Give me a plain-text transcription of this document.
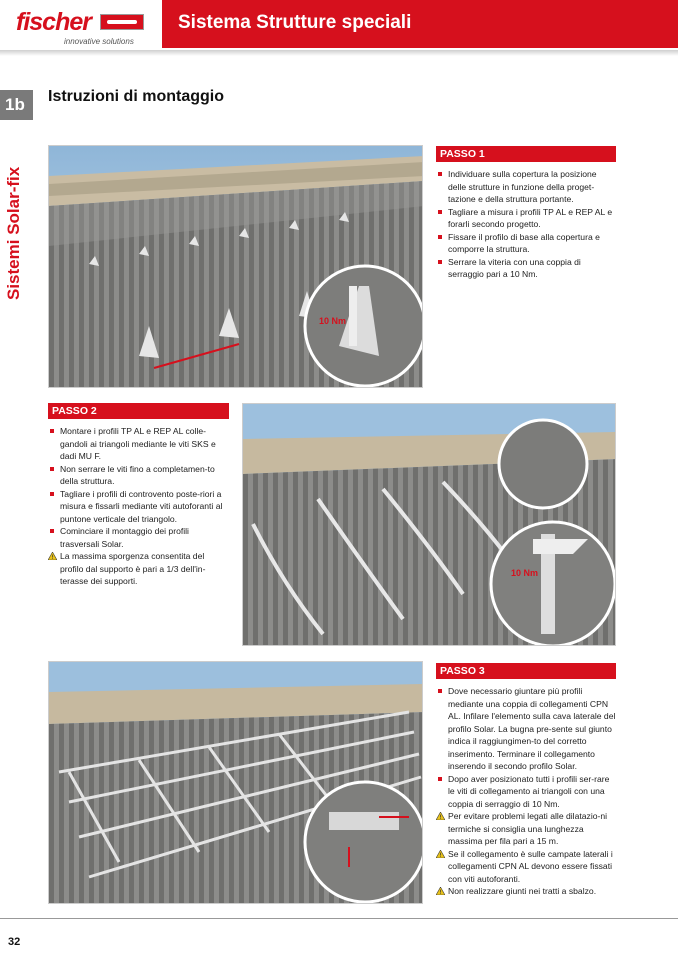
fischer
innovative solutions
Sistema Strutture speciali
1b
Sistemi Solar-fix
Istruzioni di montaggio
10 Nm
PASSO 1
Individuare sulla copertura la posizione delle strutture in funzione della proget-tazione e della struttura portante.
Tagliare a misura i profili TP AL e REP AL e forarli secondo progetto.
Fissare il profilo di base alla copertura e comporre la struttura.
Serrare la viteria con una coppia di serraggio pari a 10 Nm.
PASSO 2
Montare i profili TP AL e REP AL colle-gandoli ai triangoli mediante le viti SKS e dadi MU F.
Non serrare le viti fino a completamen-to della struttura.
Tagliare i profili di controvento poste-riori a misura e fissarli mediante viti autoforanti al puntone verticale del triangolo.
Cominciare il montaggio dei profili trasversali Solar.
La massima sporgenza consentita del profilo dal supporto è pari a 1/3 dell'in-terasse dei supporti.
10 Nm
PASSO 3
Dove necessario giuntare più profili mediante una coppia di collegamenti CPN AL. Infilare l'elemento sulla cava laterale del profilo Solar. La bugna pre-sente sul giunto indica il raggiungimen-to del corretto inserimento. Terminare il collegamento inserendo il secondo profilo Solar.
Dopo aver posizionato tutti i profili ser-rare le viti di collegamento ai triangoli con una coppia di serraggio di 10 Nm.
Per evitare problemi legati alle dilatazio-ni termiche si consiglia una lunghezza massima per fila pari a 15 m.
Se il collegamento è sulle campate laterali i collegamenti CPN AL devono essere fissati con viti autoforanti.
Non realizzare giunti nei tratti a sbalzo.
32
